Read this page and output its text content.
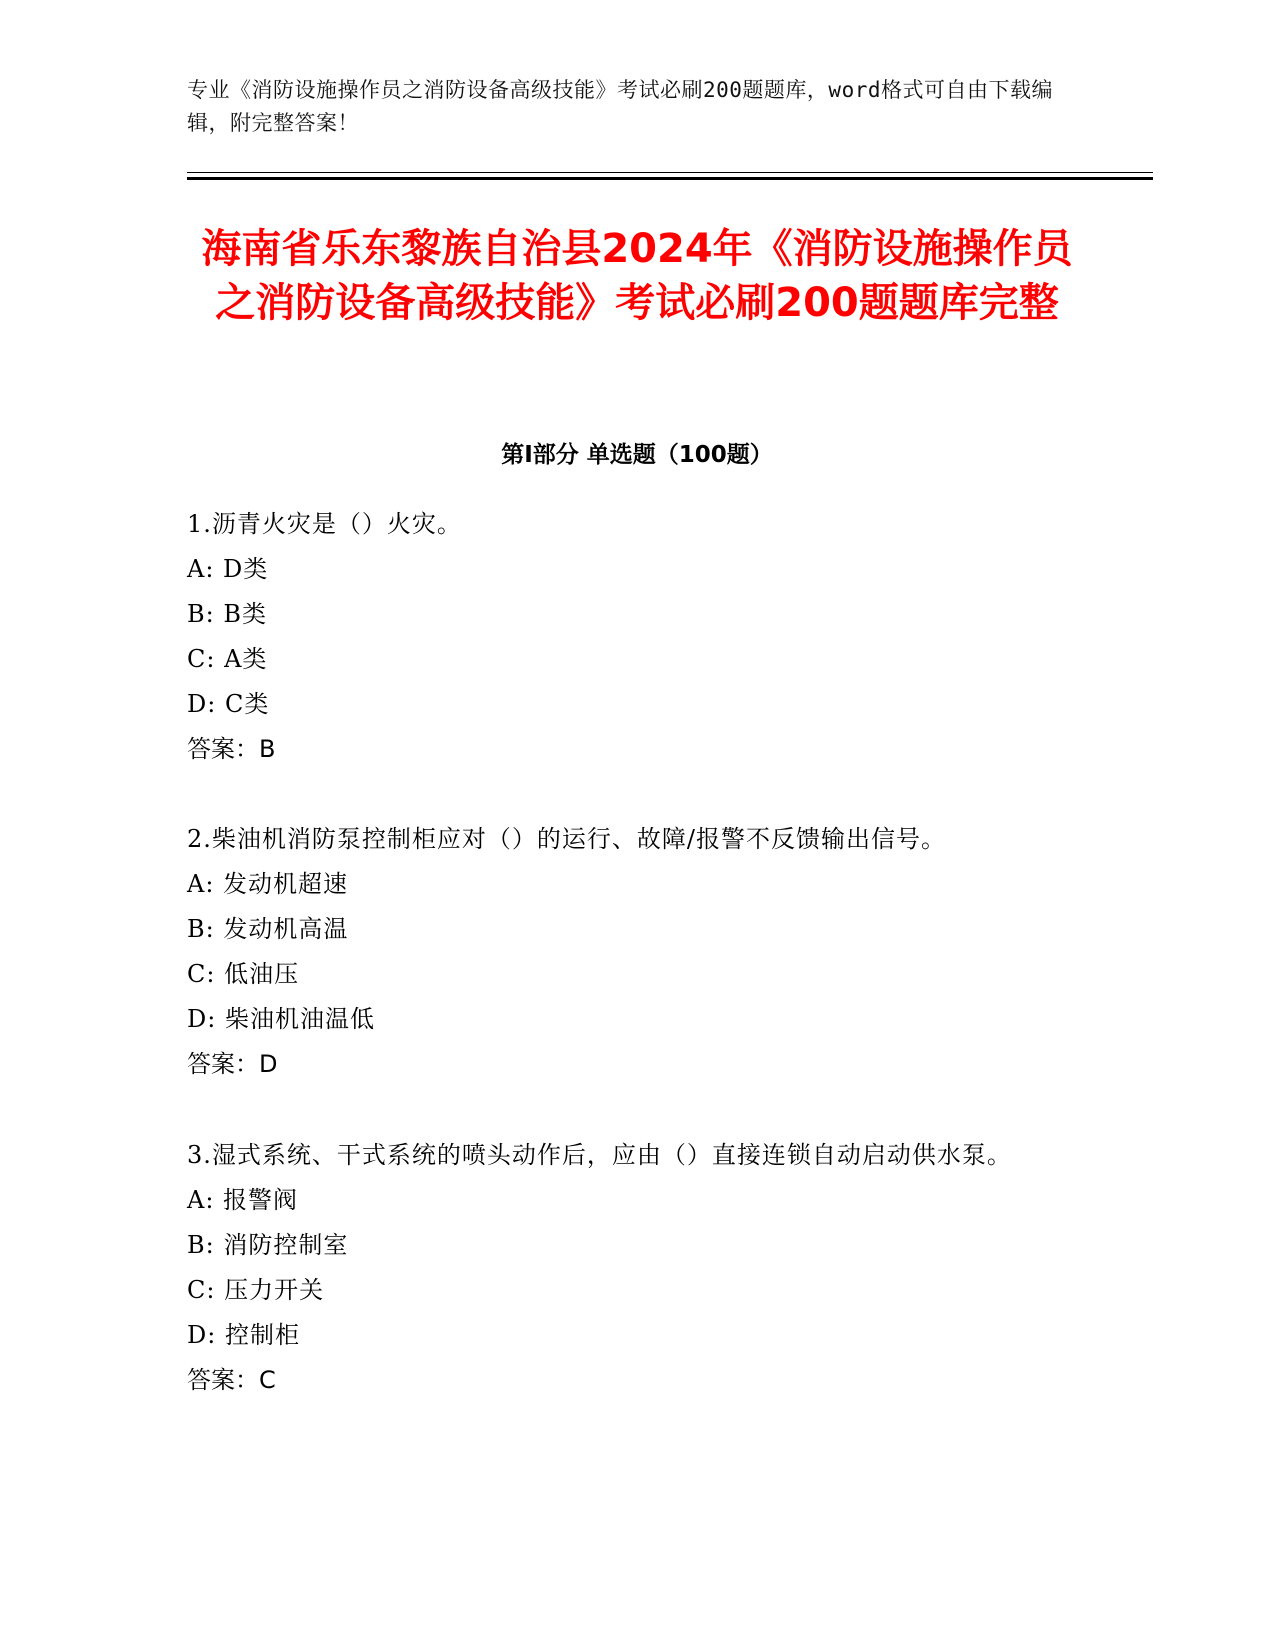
专业《消防设施操作员之消防设备高级技能》考试必刷200题题库，word格式可自由下载编辑，附完整答案！
海南省乐东黎族自治县2024年《消防设施操作员之消防设备高级技能》考试必刷200题题库完整
第Ⅰ部分 单选题（100题）
1.沥青火灾是（）火灾。
A: D类
B: B类
C: A类
D: C类
答案：B
2.柴油机消防泵控制柜应对（）的运行、故障/报警不反馈输出信号。
A: 发动机超速
B: 发动机高温
C: 低油压
D: 柴油机油温低
答案：D
3.湿式系统、干式系统的喷头动作后，应由（）直接连锁自动启动供水泵。
A: 报警阀
B: 消防控制室
C: 压力开关
D: 控制柜
答案：C
